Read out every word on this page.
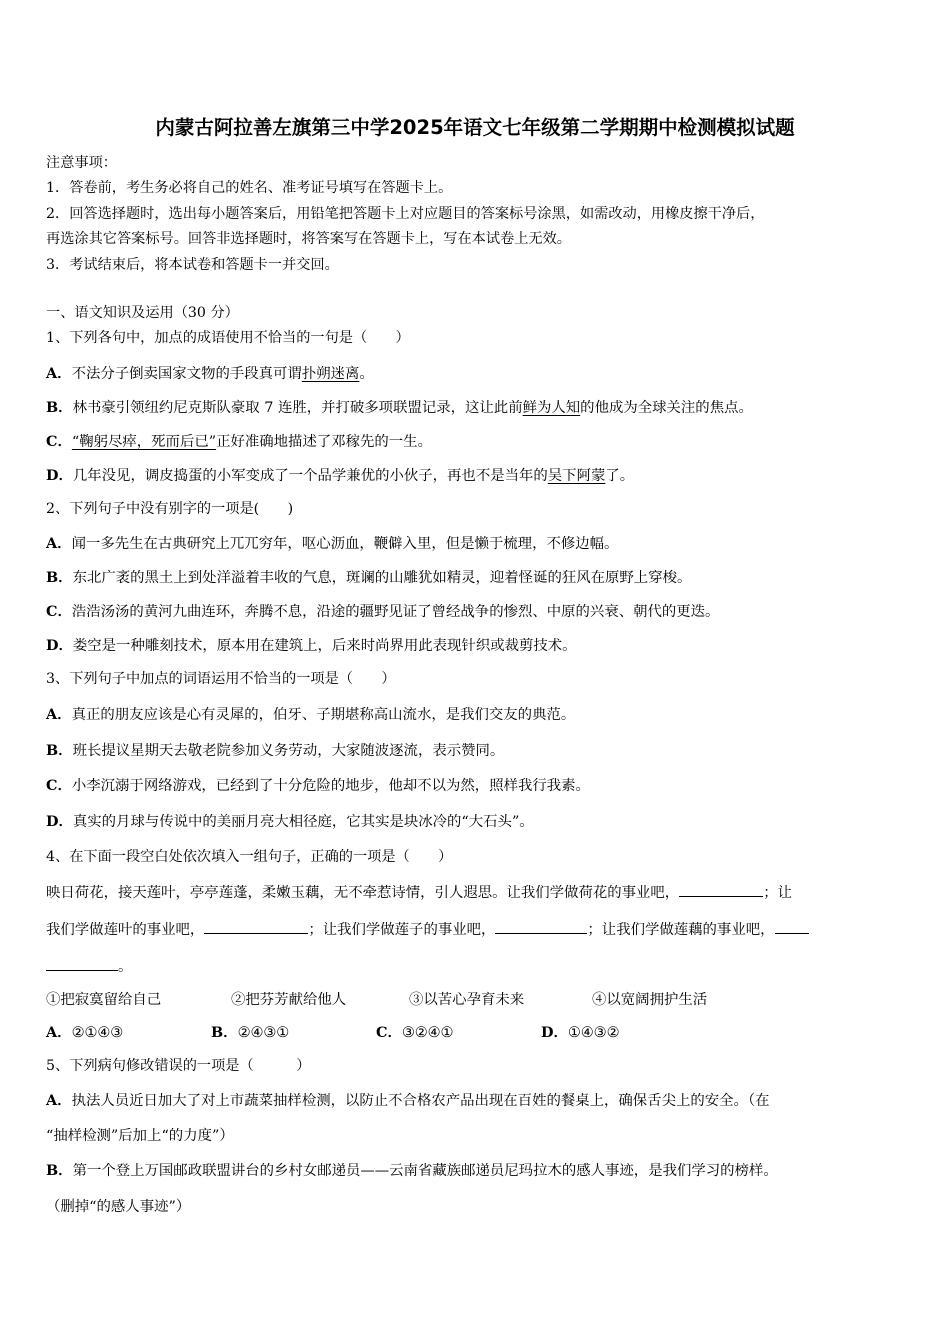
内蒙古阿拉善左旗第三中学2025年语文七年级第二学期期中检测模拟试题
注意事项：
1．答卷前，考生务必将自己的姓名、准考证号填写在答题卡上。
2．回答选择题时，选出每小题答案后，用铅笔把答题卡上对应题目的答案标号涂黑，如需改动，用橡皮擦干净后，
再选涂其它答案标号。回答非选择题时，将答案写在答题卡上，写在本试卷上无效。
3．考试结束后，将本试卷和答题卡一并交回。
一、语文知识及运用（30 分）
1、下列各句中，加点的成语使用不恰当的一句是（　　）
A．不法分子倒卖国家文物的手段真可谓扑朔迷离。
B．林书豪引领纽约尼克斯队豪取 7 连胜，并打破多项联盟记录，这让此前鲜为人知的他成为全球关注的焦点。
C．“鞠躬尽瘁，死而后已”正好准确地描述了邓稼先的一生。
D．几年没见，调皮捣蛋的小军变成了一个品学兼优的小伙子，再也不是当年的吴下阿蒙了。
2、下列句子中没有别字的一项是(　　)
A．闻一多先生在古典研究上兀兀穷年，呕心沥血，鞭僻入里，但是懒于梳理，不修边幅。
B．东北广袤的黑土上到处洋溢着丰收的气息，斑谰的山雕犹如精灵，迎着怪诞的狂风在原野上穿梭。
C．浩浩汤汤的黄河九曲连环，奔腾不息，沿途的疆野见证了曾经战争的惨烈、中原的兴衰、朝代的更迭。
D．娄空是一种雕刻技术，原本用在建筑上，后来时尚界用此表现针织或裁剪技术。
3、下列句子中加点的词语运用不恰当的一项是（　　）
A．真正的朋友应该是心有灵犀的，伯牙、子期堪称高山流水，是我们交友的典范。
B．班长提议星期天去敬老院参加义务劳动，大家随波逐流，表示赞同。
C．小李沉溺于网络游戏，已经到了十分危险的地步，他却不以为然，照样我行我素。
D．真实的月球与传说中的美丽月亮大相径庭，它其实是块冰冷的“大石头”。
4、在下面一段空白处依次填入一组句子，正确的一项是（　　）
映日荷花，接天莲叶，亭亭莲蓬，柔嫩玉藕，无不牵惹诗情，引人遐思。让我们学做荷花的事业吧，	；让
我们学做莲叶的事业吧，	；让我们学做莲子的事业吧，	；让我们学做莲藕的事业吧，
。
①把寂寞留给自己	②把芬芳献给他人	③以苦心孕育未来	④以宽阔拥护生活
A．②①④③	B．②④③①	C．③②④①	D．①④③②
5、下列病句修改错误的一项是（　　　）
A．执法人员近日加大了对上市蔬菜抽样检测，以防止不合格农产品出现在百姓的餐桌上，确保舌尖上的安全。（在
“抽样检测”后加上“的力度”）
B．第一个登上万国邮政联盟讲台的乡村女邮递员——云南省藏族邮递员尼玛拉木的感人事迹，是我们学习的榜样。
（删掉“的感人事迹”）
